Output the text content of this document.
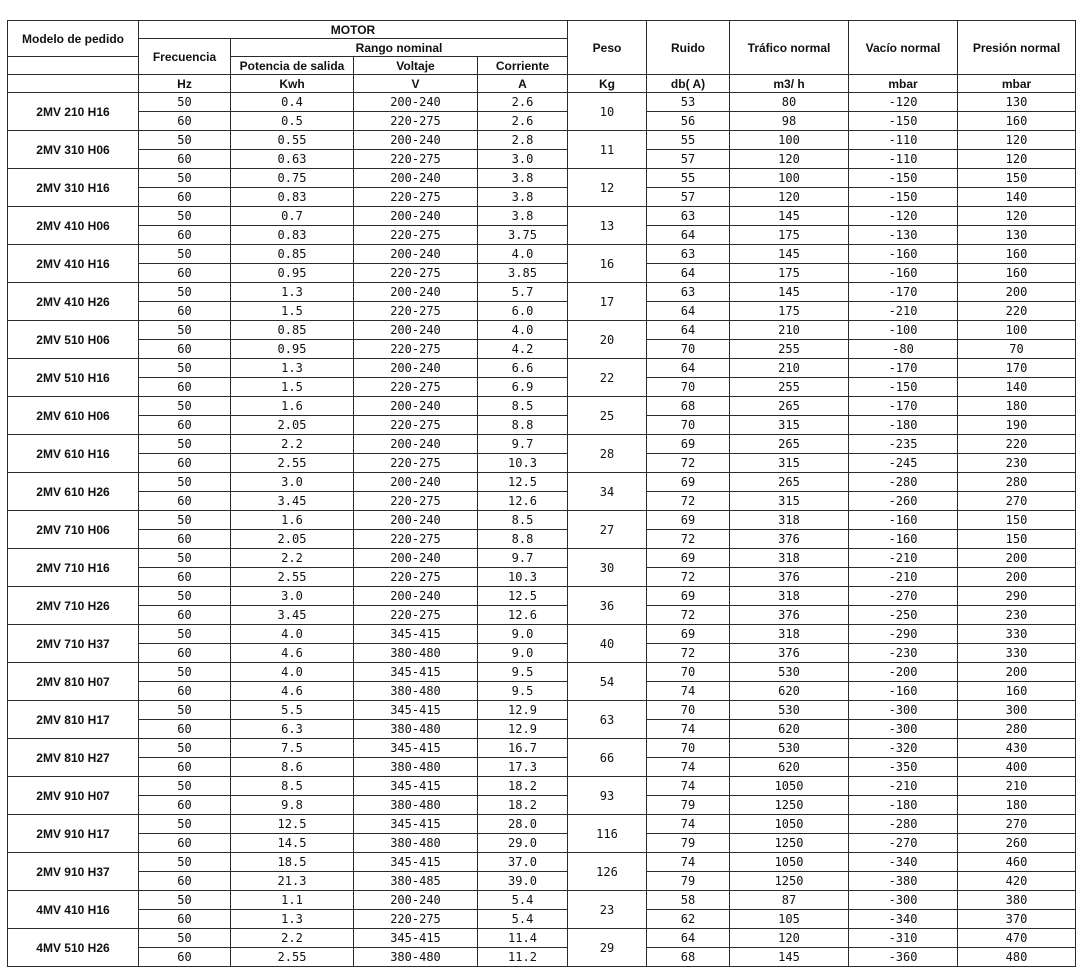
Modelo de pedido	MOTOR				Peso	Ruido	Tráfico normal	Vacío normal	Presión normal
	Frecuencia	Rango nominal							
		Potencia de salida	Voltaje	Corriente					
	Hz	Kwh	V	A	Kg	db( A)	m3/ h	mbar	mbar
2MV 210 H16	50	0.4	200-240	2.6	10	53	80	-120	130
	60	0.5	220-275	2.6		56	98	-150	160
2MV 310 H06	50	0.55	200-240	2.8	11	55	100	-110	120
	60	0.63	220-275	3.0		57	120	-110	120
2MV 310 H16	50	0.75	200-240	3.8	12	55	100	-150	150
	60	0.83	220-275	3.8		57	120	-150	140
2MV 410 H06	50	0.7	200-240	3.8	13	63	145	-120	120
	60	0.83	220-275	3.75		64	175	-130	130
2MV 410 H16	50	0.85	200-240	4.0	16	63	145	-160	160
	60	0.95	220-275	3.85		64	175	-160	160
2MV 410 H26	50	1.3	200-240	5.7	17	63	145	-170	200
	60	1.5	220-275	6.0		64	175	-210	220
2MV 510 H06	50	0.85	200-240	4.0	20	64	210	-100	100
	60	0.95	220-275	4.2		70	255	-80	70
2MV 510 H16	50	1.3	200-240	6.6	22	64	210	-170	170
	60	1.5	220-275	6.9		70	255	-150	140
2MV 610 H06	50	1.6	200-240	8.5	25	68	265	-170	180
	60	2.05	220-275	8.8		70	315	-180	190
2MV 610 H16	50	2.2	200-240	9.7	28	69	265	-235	220
	60	2.55	220-275	10.3		72	315	-245	230
2MV 610 H26	50	3.0	200-240	12.5	34	69	265	-280	280
	60	3.45	220-275	12.6		72	315	-260	270
2MV 710 H06	50	1.6	200-240	8.5	27	69	318	-160	150
	60	2.05	220-275	8.8		72	376	-160	150
2MV 710 H16	50	2.2	200-240	9.7	30	69	318	-210	200
	60	2.55	220-275	10.3		72	376	-210	200
2MV 710 H26	50	3.0	200-240	12.5	36	69	318	-270	290
	60	3.45	220-275	12.6		72	376	-250	230
2MV 710 H37	50	4.0	345-415	9.0	40	69	318	-290	330
	60	4.6	380-480	9.0		72	376	-230	330
2MV 810 H07	50	4.0	345-415	9.5	54	70	530	-200	200
	60	4.6	380-480	9.5		74	620	-160	160
2MV 810 H17	50	5.5	345-415	12.9	63	70	530	-300	300
	60	6.3	380-480	12.9		74	620	-300	280
2MV 810 H27	50	7.5	345-415	16.7	66	70	530	-320	430
	60	8.6	380-480	17.3		74	620	-350	400
2MV 910 H07	50	8.5	345-415	18.2	93	74	1050	-210	210
	60	9.8	380-480	18.2		79	1250	-180	180
2MV 910 H17	50	12.5	345-415	28.0	116	74	1050	-280	270
	60	14.5	380-480	29.0		79	1250	-270	260
2MV 910 H37	50	18.5	345-415	37.0	126	74	1050	-340	460
	60	21.3	380-485	39.0		79	1250	-380	420
4MV 410 H16	50	1.1	200-240	5.4	23	58	87	-300	380
	60	1.3	220-275	5.4		62	105	-340	370
4MV 510 H26	50	2.2	345-415	11.4	29	64	120	-310	470
	60	2.55	380-480	11.2		68	145	-360	480
